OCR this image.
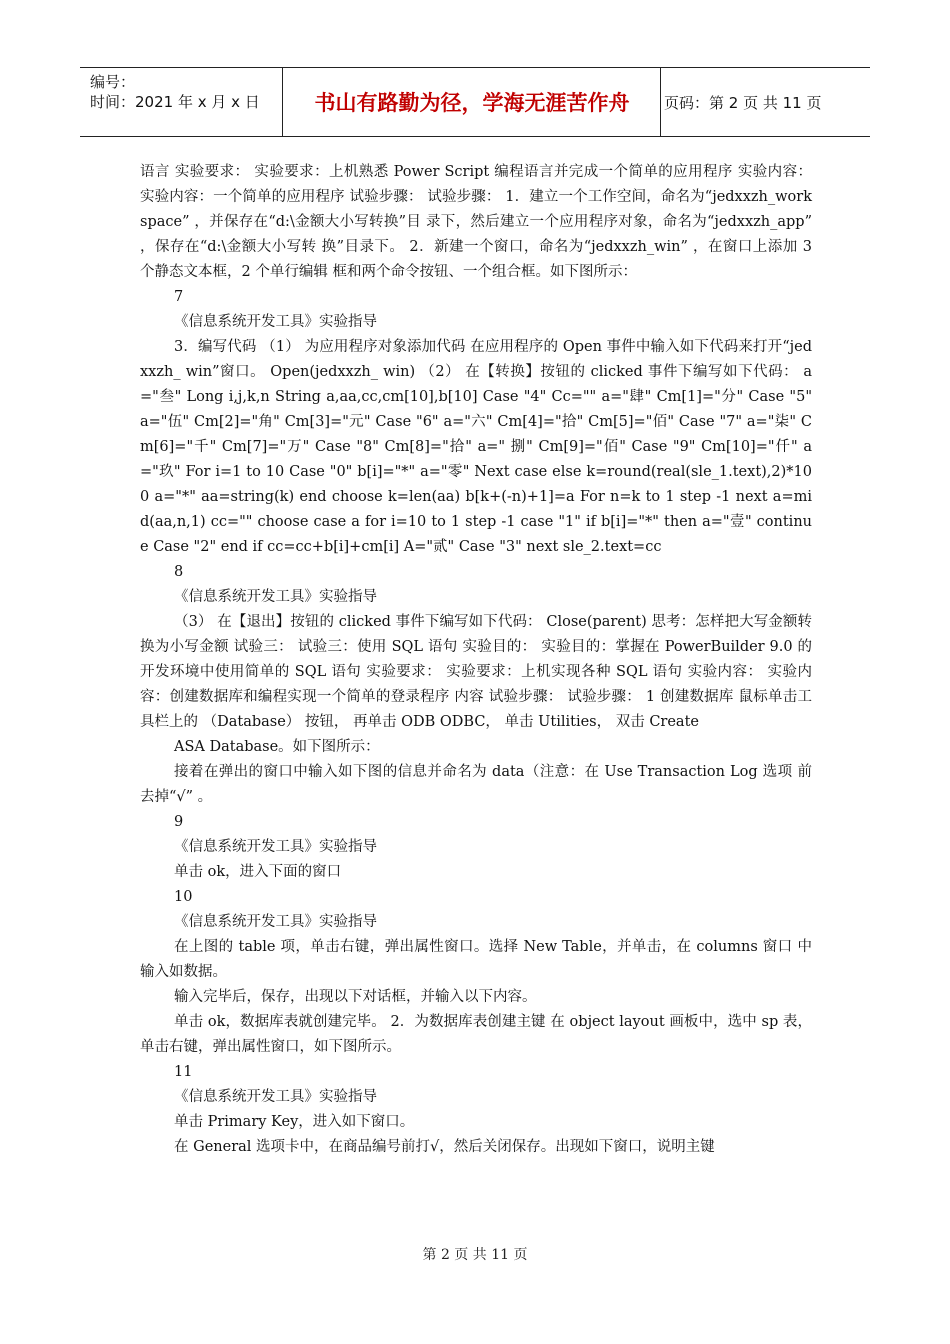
编号：
时间：2021 年 x 月 x 日	书山有路勤为径，学海无涯苦作舟	页码：第 2 页 共 11 页

语言 实验要求： 实验要求：上机熟悉 Power Script 编程语言并完成一个简单的应用程序 实验内容： 实验内容：一个简单的应用程序 试验步骤： 试验步骤： 1．建立一个工作空间，命名为“jedxxzh_workspace” ，并保存在“d:\金额大小写转换”目 录下，然后建立一个应用程序对象，命名为“jedxxzh_app” ，保存在“d:\金额大小写转 换”目录下。 2．新建一个窗口，命名为“jedxxzh_win” ，在窗口上添加 3 个静态文本框，2 个单行编辑 框和两个命令按钮、一个组合框。如下图所示：

7

《信息系统开发工具》实验指导

3．编写代码 （1） 为应用程序对象添加代码 在应用程序的 Open 事件中输入如下代码来打开“jedxxzh_ win”窗口。 Open(jedxxzh_ win) （2） 在【转换】按钮的 clicked 事件下编写如下代码： a="叁" Long i,j,k,n String a,aa,cc,cm[10],b[10] Case "4" Cc="" a="肆" Cm[1]="分" Case "5" a="伍" Cm[2]="角" Cm[3]="元" Case "6" a="六" Cm[4]="拾" Cm[5]="佰" Case "7" a="柒" Cm[6]="千" Cm[7]="万" Case "8" Cm[8]="拾" a=" 捌" Cm[9]="佰" Case "9" Cm[10]="仟" a="玖" For i=1 to 10 Case "0" b[i]="*" a="零" Next case else k=round(real(sle_1.text),2)*100 a="*" aa=string(k) end choose k=len(aa) b[k+(-n)+1]=a For n=k to 1 step -1 next a=mid(aa,n,1) cc="" choose case a for i=10 to 1 step -1 case "1" if b[i]="*" then a="壹" continue Case "2" end if cc=cc+b[i]+cm[i] A="贰" Case "3" next sle_2.text=cc

8

《信息系统开发工具》实验指导

（3） 在【退出】按钮的 clicked 事件下编写如下代码： Close(parent) 思考：怎样把大写金额转换为小写金额 试验三： 试验三：使用 SQL 语句 实验目的： 实验目的：掌握在 PowerBuilder 9.0 的开发环境中使用简单的 SQL 语句 实验要求： 实验要求：上机实现各种 SQL 语句 实验内容： 实验内容：创建数据库和编程实现一个简单的登录程序 内容 试验步骤： 试验步骤： 1 创建数据库 鼠标单击工具栏上的 （Database） 按钮， 再单击 ODB ODBC， 单击 Utilities， 双击 Create

ASA Database。如下图所示：

接着在弹出的窗口中输入如下图的信息并命名为 data（注意：在 Use Transaction Log 选项 前去掉“√” 。

9

《信息系统开发工具》实验指导

单击 ok，进入下面的窗口

10

《信息系统开发工具》实验指导

在上图的 table 项，单击右键，弹出属性窗口。选择 New Table，并单击，在 columns 窗口 中输入如数据。

输入完毕后，保存，出现以下对话框，并输入以下内容。

单击 ok，数据库表就创建完毕。 2．为数据库表创建主键 在 object layout 画板中，选中 sp 表，单击右键，弹出属性窗口，如下图所示。

11

《信息系统开发工具》实验指导

单击 Primary Key，进入如下窗口。

在 General 选项卡中，在商品编号前打√，然后关闭保存。出现如下窗口，说明主键

第 2 页 共 11 页
